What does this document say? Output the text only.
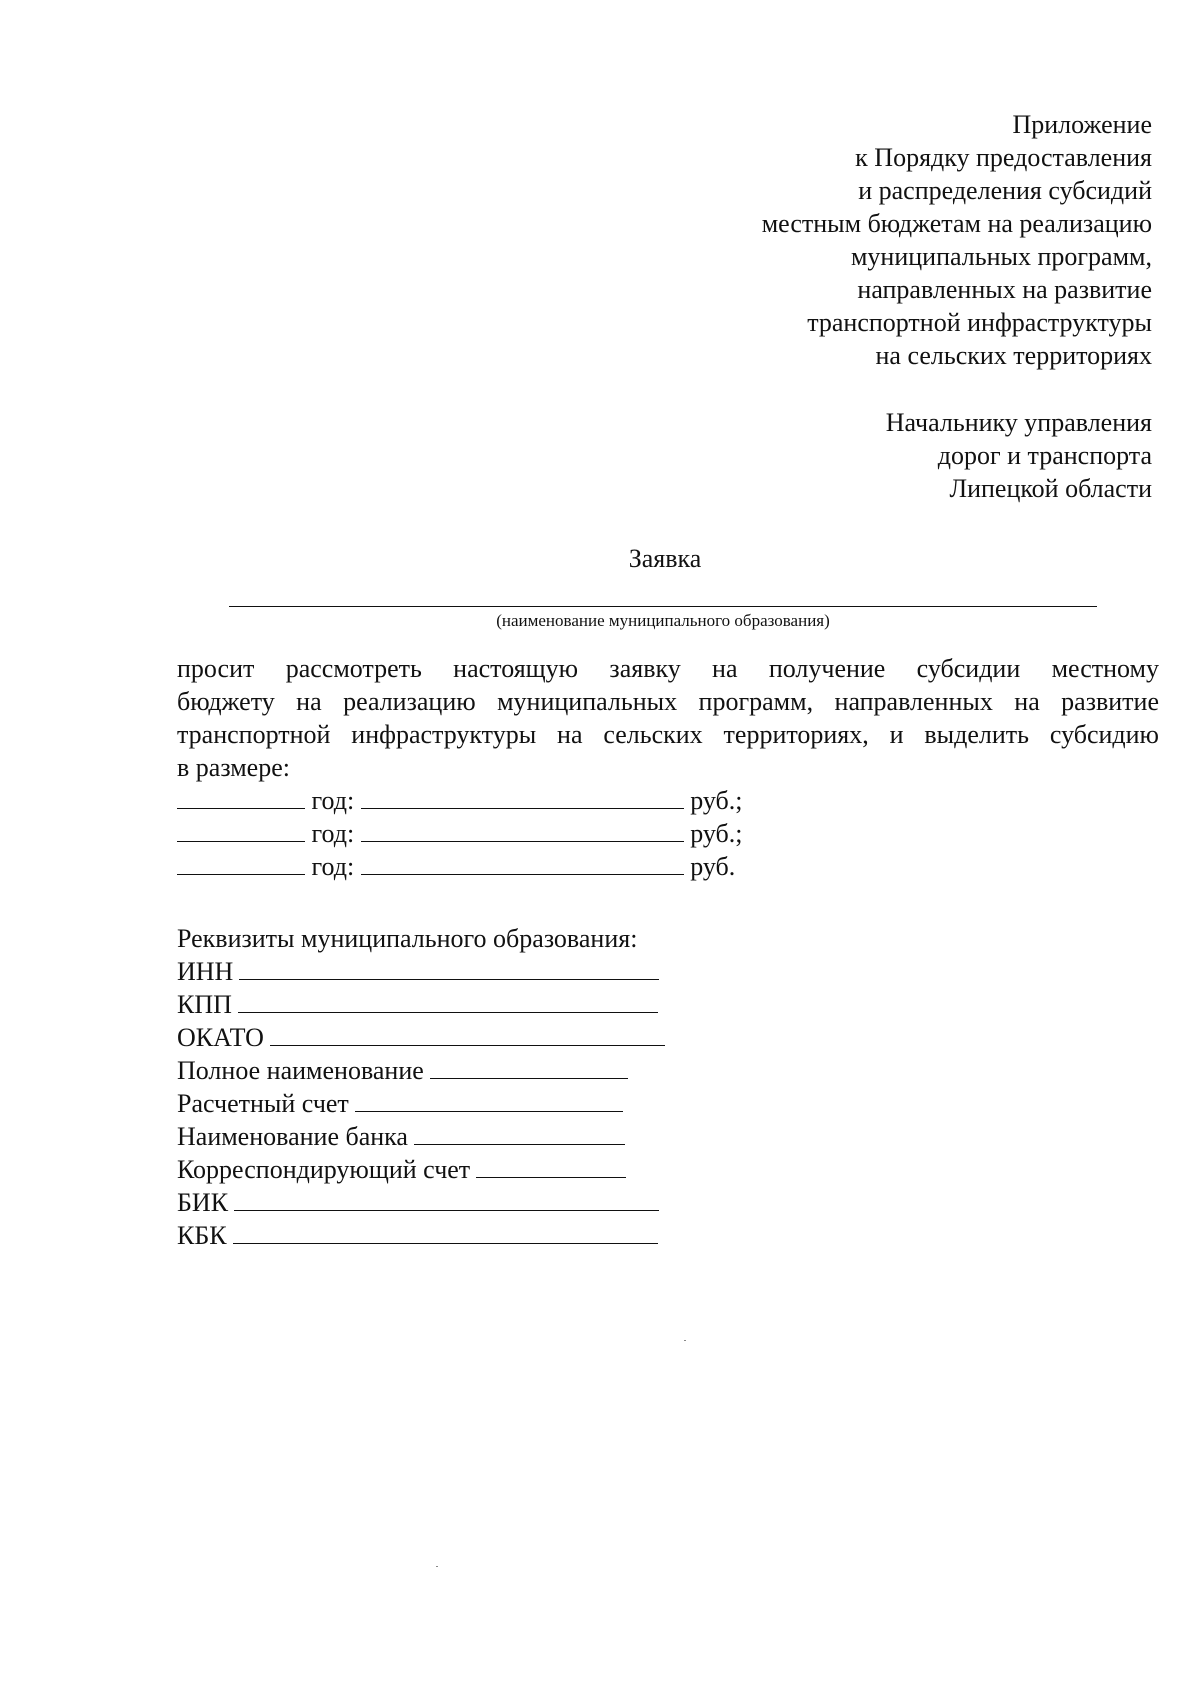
Приложение
к Порядку предоставления
и распределения субсидий
местным бюджетам на реализацию
муниципальных программ,
направленных на развитие
транспортной инфраструктуры
на сельских территориях
Начальнику управления
дорог и транспорта
Липецкой области
Заявка
(наименование муниципального образования)
просит рассмотреть настоящую заявку на получение субсидии местному
бюджету на реализацию муниципальных программ, направленных на развитие
транспортной инфраструктуры на сельских территориях, и выделить субсидию
в размере:
год:	руб.;
год:	руб.;
год:	руб.
Реквизиты муниципального образования:
ИНН
КПП
ОКАТО
Полное наименование
Расчетный счет
Наименование банка
Корреспондирующий счет
БИК
КБК
